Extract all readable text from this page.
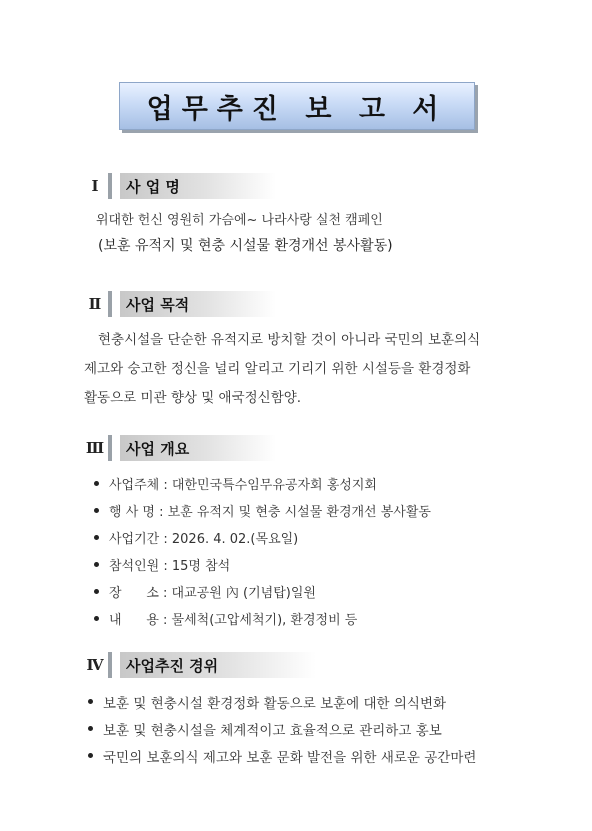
업무추진 보 고 서
Ⅰ	사 업 명
위대한 헌신 영원히 가슴에~ 나라사랑 실천 캠페인
(보훈 유적지 및 현충 시설물 환경개선 봉사활동)
Ⅱ	사업 목적
현충시설을 단순한 유적지로 방치할 것이 아니라 국민의 보훈의식
제고와 숭고한 정신을 널리 알리고 기리기 위한 시설등을 환경정화
활동으로 미관 향상 및 애국정신함양.
Ⅲ	사업 개요
사업주체 : 대한민국특수임무유공자회 홍성지회
행 사 명 : 보훈 유적지 및 현충 시설물 환경개선 봉사활동
사업기간 : 2026. 4. 02.(목요일)
참석인원 : 15명 참석
장      소 : 대교공원 內 (기념탑)일원
내      용 : 물세척(고압세척기), 환경정비 등
Ⅳ	사업추진 경위
보훈 및 현충시설 환경정화 활동으로 보훈에 대한 의식변화
보훈 및 현충시설을 체계적이고 효율적으로 관리하고 홍보
국민의 보훈의식 제고와 보훈 문화 발전을 위한 새로운 공간마련
